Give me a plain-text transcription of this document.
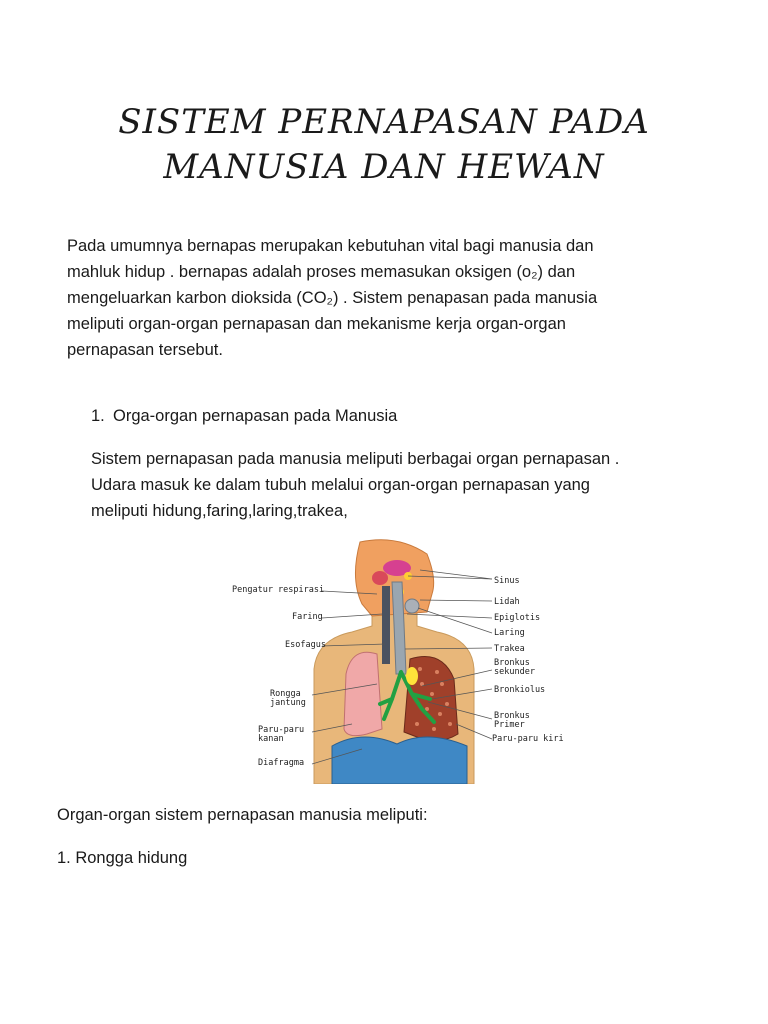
SISTEM PERNAPASAN PADA
MANUSIA DAN HEWAN
Pada umumnya bernapas merupakan kebutuhan vital bagi manusia dan
mahluk hidup . bernapas adalah proses memasukan oksigen (o₂) dan
mengeluarkan karbon dioksida (CO₂) . Sistem penapasan pada manusia
meliputi organ-organ pernapasan dan mekanisme kerja organ-organ
pernapasan tersebut.
1. Orga-organ pernapasan pada Manusia
Sistem pernapasan pada manusia meliputi berbagai organ pernapasan .
Udara masuk ke dalam tubuh melalui organ-organ pernapasan yang
meliputi hidung,faring,laring,trakea,
Pengatur respirasi
Faring
Esofagus
Rongga
jantung
Paru-paru
kanan
Diafragma
Sinus
Lidah
Epiglotis
Laring
Trakea
Bronkus
sekunder
Bronkiolus
Bronkus
Primer
Paru-paru kiri
Organ-organ sistem pernapasan manusia meliputi:
1. Rongga hidung
